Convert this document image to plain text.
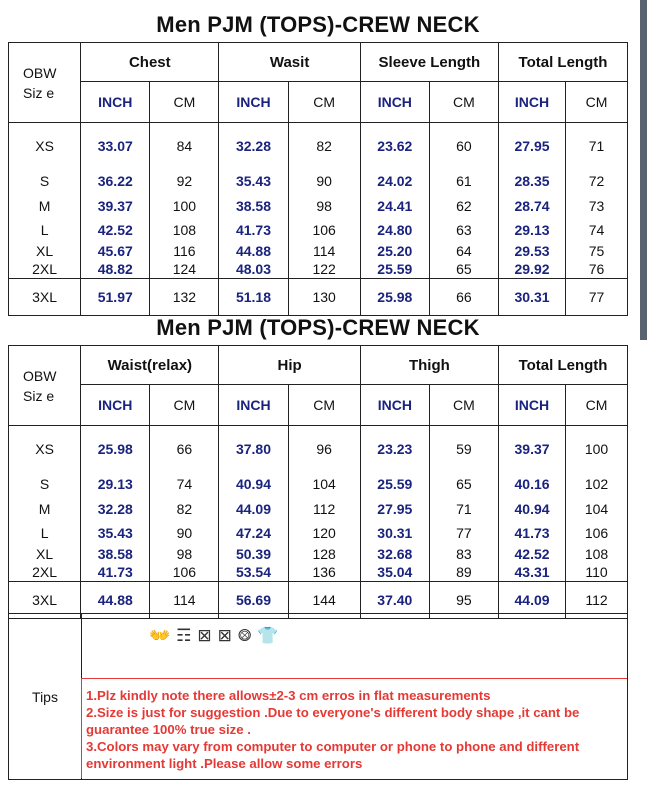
Men PJM (TOPS)-CREW NECK
OBW
Siz e	Chest		Wasit		Sleeve Length		Total Length	
	INCH	CM	INCH	CM	INCH	CM	INCH	CM
XS	33.07	84	32.28	82	23.62	60	27.95	71
S	36.22	92	35.43	90	24.02	61	28.35	72
M	39.37	100	38.58	98	24.41	62	28.74	73
L	42.52	108	41.73	106	24.80	63	29.13	74
XL	45.67	116	44.88	114	25.20	64	29.53	75
2XL	48.82	124	48.03	122	25.59	65	29.92	76
3XL	51.97	132	51.18	130	25.98	66	30.31	77
Men PJM (TOPS)-CREW NECK
OBW
Siz e	Waist(relax)		Hip		Thigh		Total Length	
	INCH	CM	INCH	CM	INCH	CM	INCH	CM
XS	25.98	66	37.80	96	23.23	59	39.37	100
S	29.13	74	40.94	104	25.59	65	40.16	102
M	32.28	82	44.09	112	27.95	71	40.94	104
L	35.43	90	47.24	120	30.31	77	41.73	106
XL	38.58	98	50.39	128	32.68	83	42.52	108
2XL	41.73	106	53.54	136	35.04	89	43.31	110
3XL	44.88	114	56.69	144	37.40	95	44.09	112
Tips
👐 ☶ ⊠ ⊠ ⨷ 👕
1.Plz kindly note there allows±2-3 cm erros in flat measurements
2.Size is just for suggestion .Due to everyone's different body shape ,it cant be guarantee 100% true size .
3.Colors may vary from computer to computer or phone to phone and different environment light .Please allow some errors
